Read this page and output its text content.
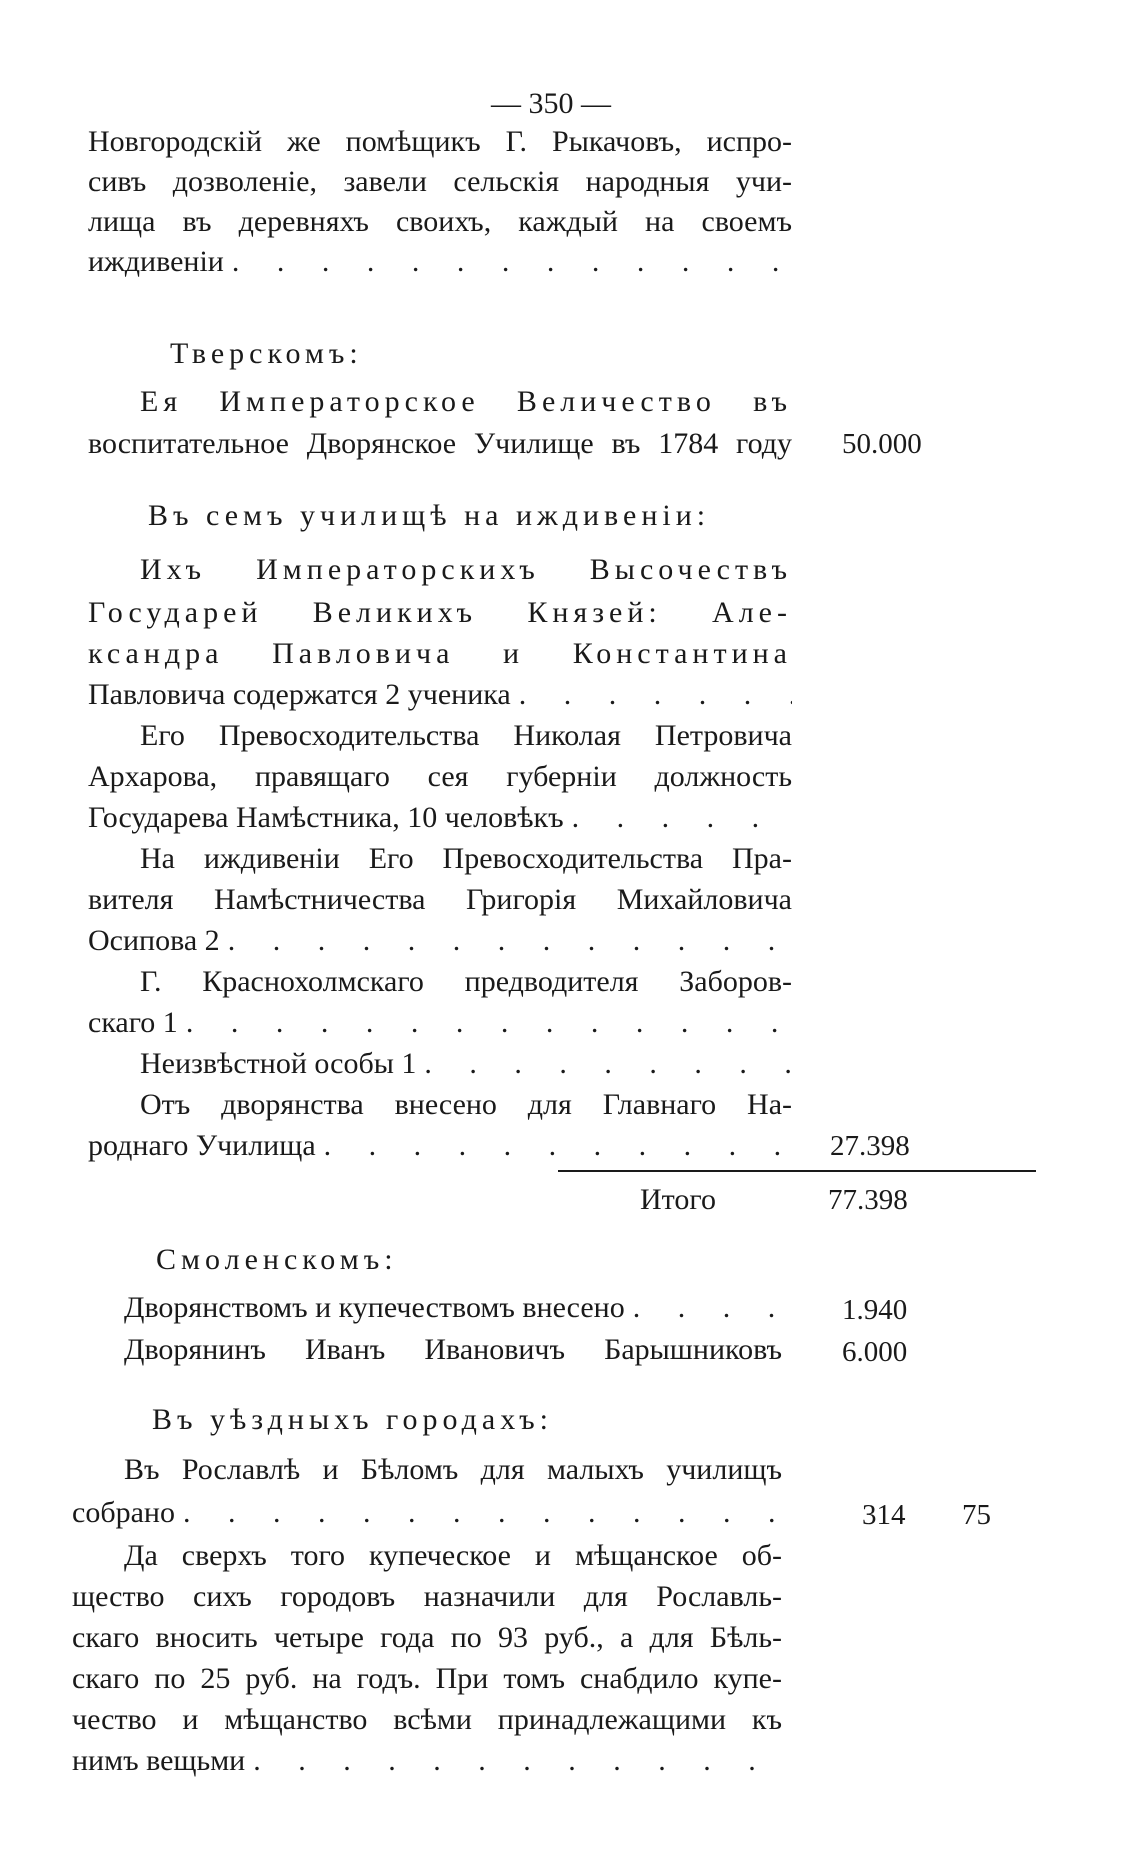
— 350 —
Новгородскій же помѣщикъ Г. Рыкачовъ, испро-
сивъ дозволеніе, завели сельскія народныя учи-
лища въ деревняхъ своихъ, каждый на своемъ
иждивеніи
. . .
Тверскомъ:
Ея Императорское Величество въ
воспитательное Дворянское Училище въ 1784 году 50.000
Въ семъ училищѣ на иждивеніи:
Ихъ Императорскихъ Высочествъ
Государей Великихъ Князей: Але-
ксандра Павловича и Константина
Павловича содержатся 2 ученика
. . .
Его Превосходительства Николая Петровича
Архарова, правящаго сея губерніи должность
Государева Намѣстника, 10 человѣкъ
. . .
На иждивеніи Его Превосходительства Пра-
вителя Намѣстничества Григорія Михайловича
Осипова 2
. . .
Г. Краснохолмскаго предводителя Заборов-
скаго 1
. . .
Неизвѣстной особы 1
. . .
Отъ дворянства внесено для Главнаго На-
роднаго Училища . . .	27.398
Итого	77.398
Смоленскомъ:
Дворянствомъ и купечествомъ внесено . . .	1.940
Дворянинъ Иванъ Ивановичъ Барышниковъ 6.000
Въ уѣздныхъ городахъ:
Въ Рославлѣ и Бѣломъ для малыхъ училищъ
собрано . . .	314 75
Да сверхъ того купеческое и мѣщанское об-
щество сихъ городовъ назначили для Рославль-
скаго вносить четыре года по 93 руб., а для Бѣль-
скаго по 25 руб. на годъ. При томъ снабдило купе-
чество и мѣщанство всѣми принадлежащими къ
нимъ вещьми
. . .
